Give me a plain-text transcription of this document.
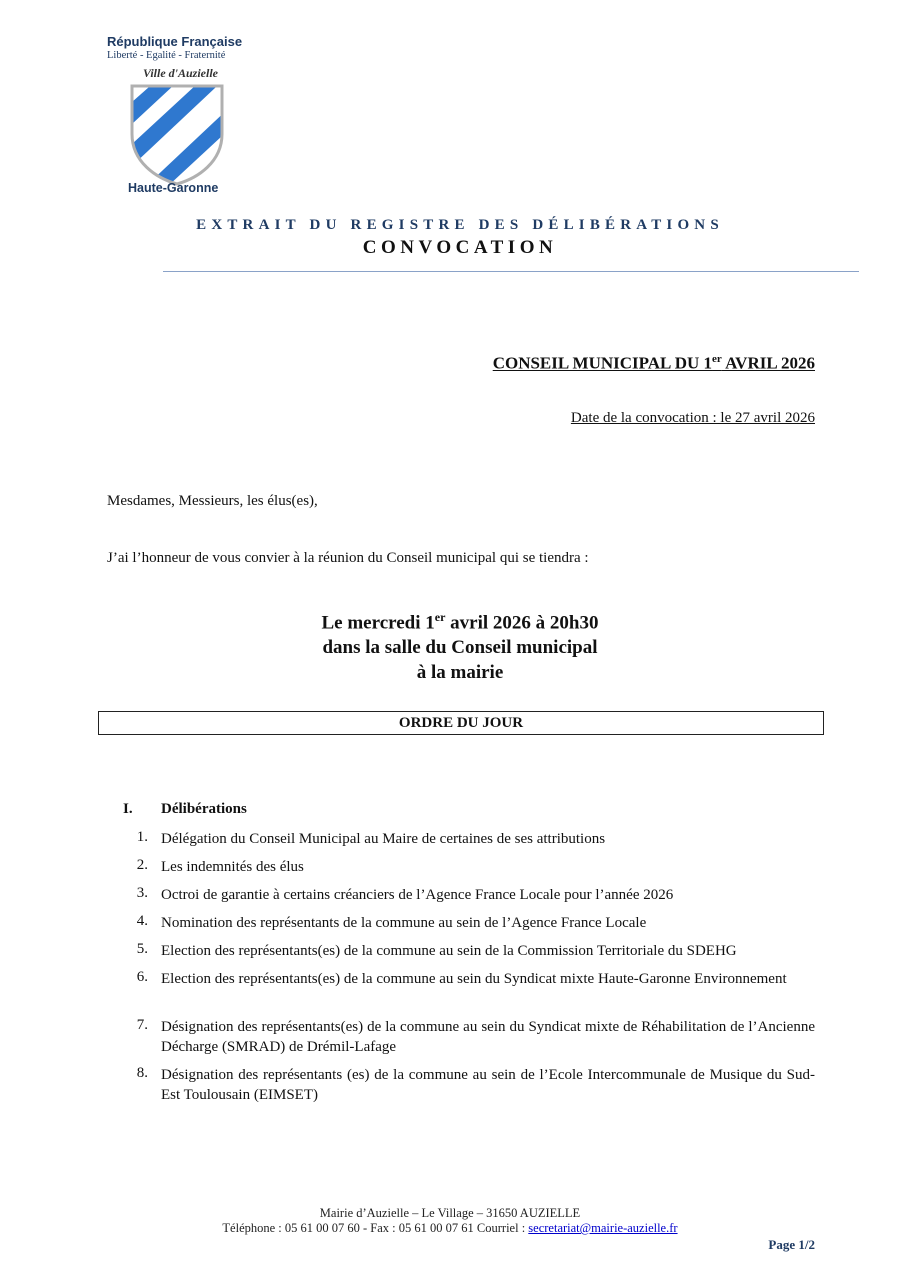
République Française
Liberté - Egalité - Fraternité
Ville d'Auzielle
Haute-Garonne
EXTRAIT DU REGISTRE DES DÉLIBÉRATIONS
CONVOCATION
CONSEIL MUNICIPAL DU 1er AVRIL 2026
Date de la convocation : le 27 avril 2026
Mesdames, Messieurs, les élus(es),
J’ai l’honneur de vous convier à la réunion du Conseil municipal qui se tiendra :
Le mercredi 1er avril 2026 à 20h30
dans la salle du Conseil municipal
à la mairie
ORDRE DU JOUR
I. Délibérations
1. Délégation du Conseil Municipal au Maire de certaines de ses attributions
2. Les indemnités des élus
3. Octroi de garantie à certains créanciers de l’Agence France Locale pour l’année 2026
4. Nomination des représentants de la commune au sein de l’Agence France Locale
5. Election des représentants(es) de la commune au sein de la Commission Territoriale du SDEHG
6. Election des représentants(es) de la commune au sein du Syndicat mixte Haute-Garonne Environnement
7. Désignation des représentants(es) de la commune au sein du Syndicat mixte de Réhabilitation de l’Ancienne Décharge (SMRAD) de Drémil-Lafage
8. Désignation des représentants (es) de la commune au sein de l’Ecole Intercommunale de Musique du Sud-Est Toulousain (EIMSET)
Mairie d’Auzielle – Le Village – 31650 AUZIELLE
Téléphone : 05 61 00 07 60 - Fax : 05 61 00 07 61 Courriel : secretariat@mairie-auzielle.fr
Page 1/2
